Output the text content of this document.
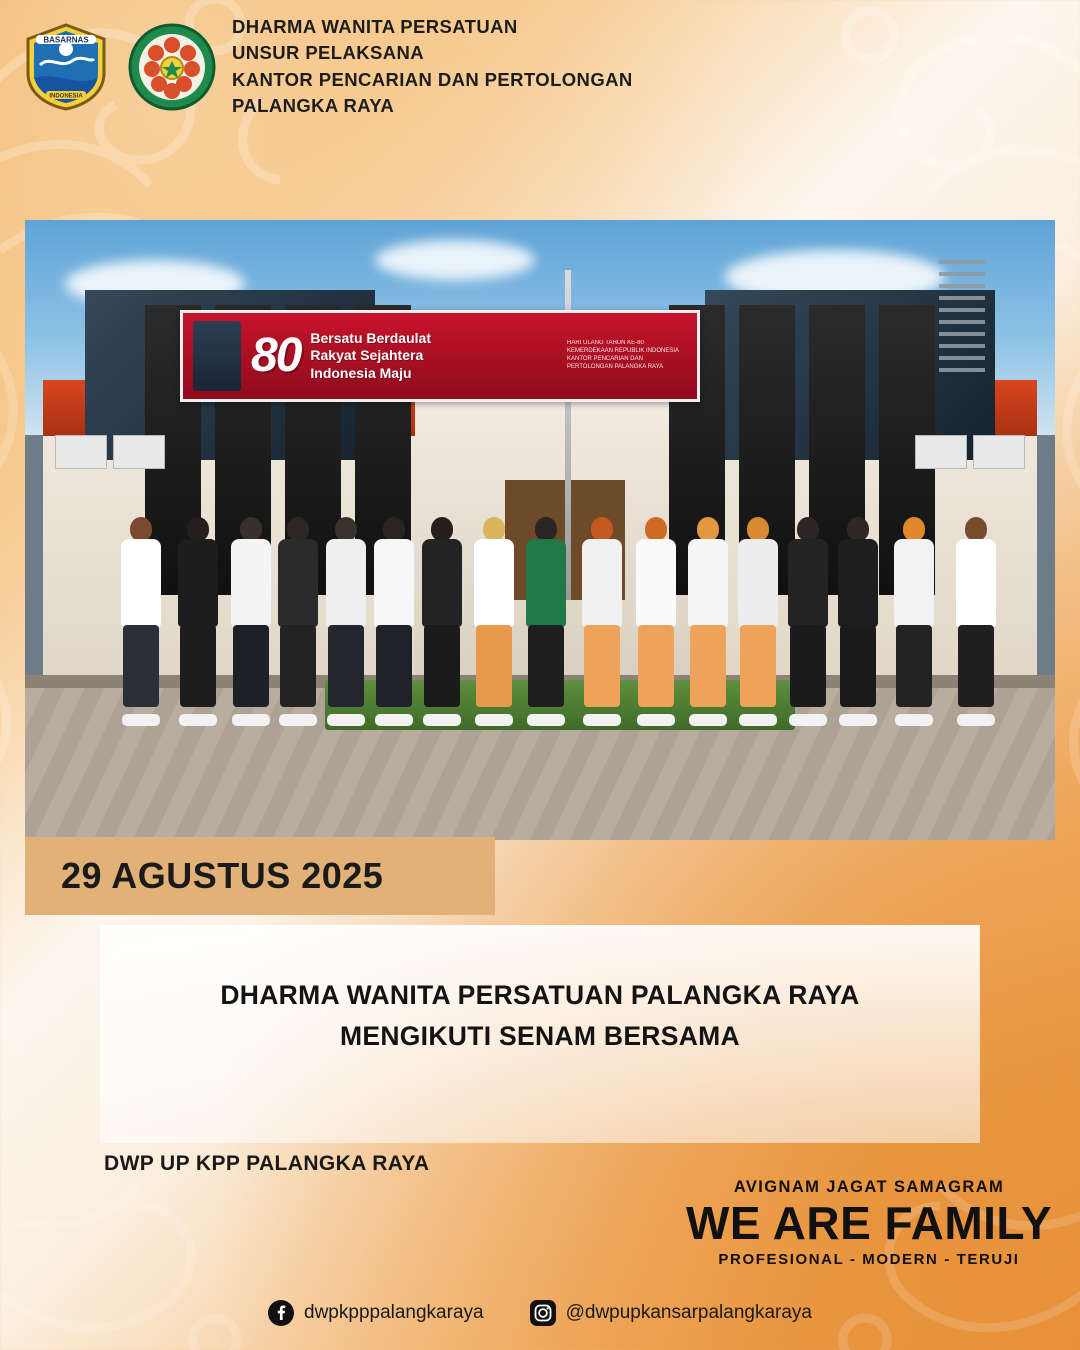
BASARNAS
INDONESIA
DHARMA WANITA PERSATUAN
UNSUR PELAKSANA
KANTOR PENCARIAN DAN PERTOLONGAN
PALANGKA RAYA
80 Bersatu Berdaulat
Rakyat Sejahtera
Indonesia Maju
HARI ULANG TAHUN KE-80 KEMERDEKAAN REPUBLIK INDONESIA KANTOR PENCARIAN DAN PERTOLONGAN PALANGKA RAYA
29 AGUSTUS 2025
DHARMA WANITA PERSATUAN PALANGKA RAYA
MENGIKUTI SENAM BERSAMA
DWP UP KPP PALANGKA RAYA
AVIGNAM JAGAT SAMAGRAM
WE ARE FAMILY
PROFESIONAL - MODERN - TERUJI
dwpkpppalangkaraya	@dwpupkansarpalangkaraya
